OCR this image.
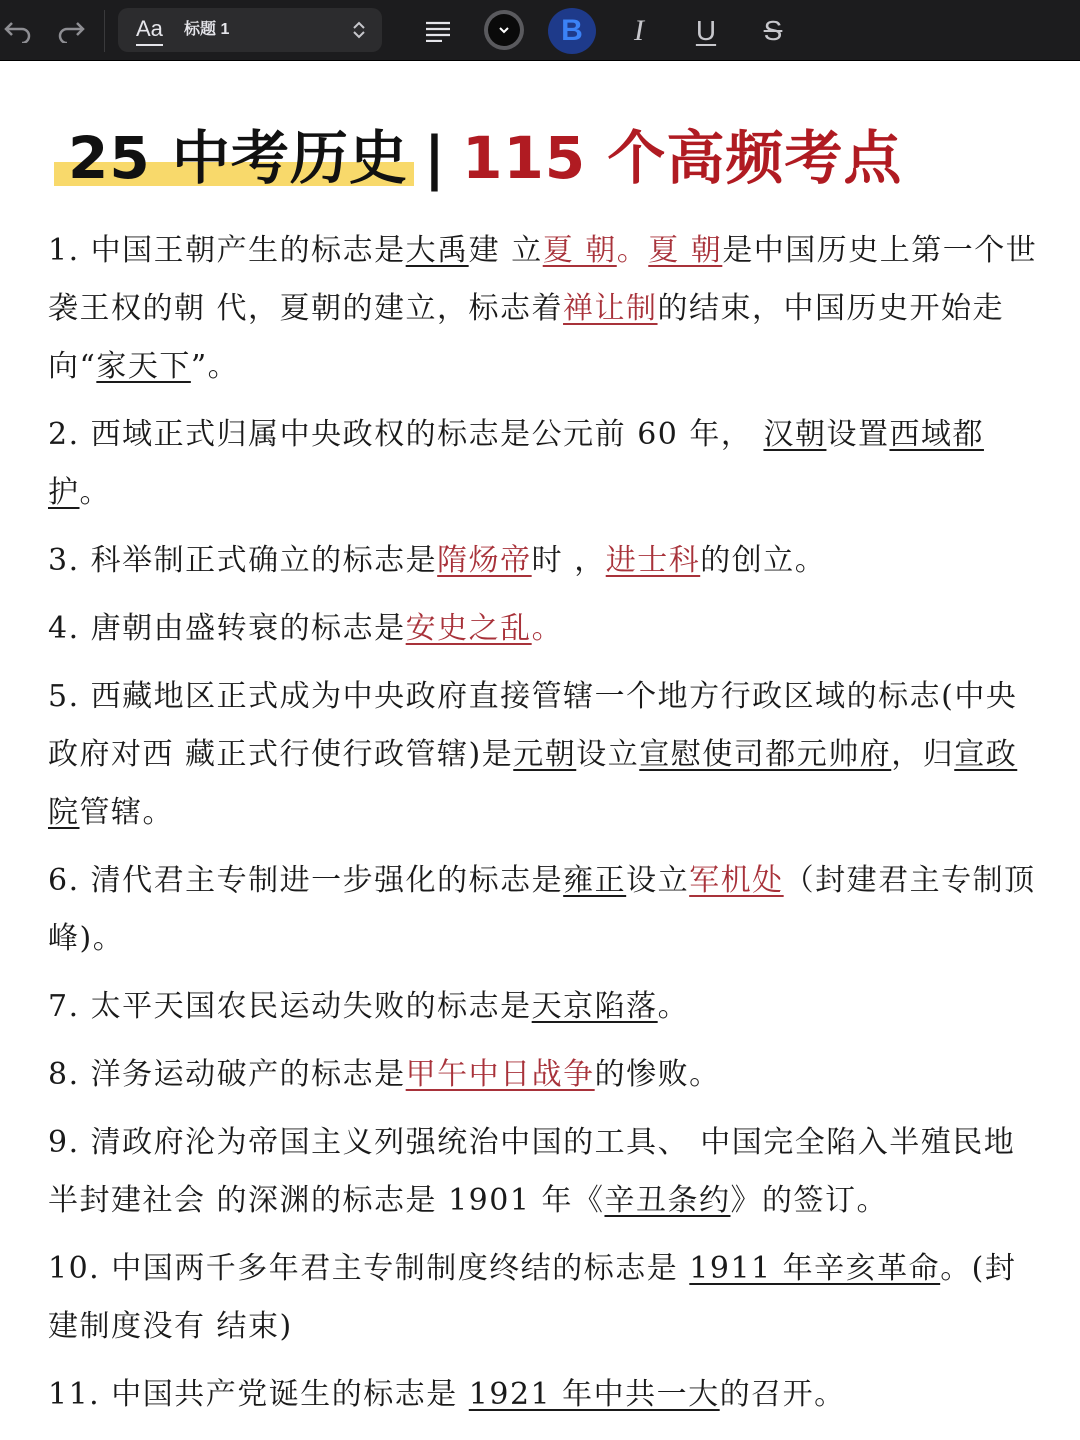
Aa 标题 1	B	I	U	S
25 中考历史 | 115 个高频考点

1. 中国王朝产生的标志是大禹建 立夏 朝。夏 朝是中国历史上第一个世袭王权的朝 代，夏朝的建立，标志着禅让制的结束，中国历史开始走向“家天下”。

2. 西域正式归属中央政权的标志是公元前 60 年， 汉朝设置西域都护。

3. 科举制正式确立的标志是隋炀帝时 ，进士科的创立。

4. 唐朝由盛转衰的标志是安史之乱。

5. 西藏地区正式成为中央政府直接管辖一个地方行政区域的标志(中央政府对西 藏正式行使行政管辖)是元朝设立宣慰使司都元帅府，归宣政院管辖。

6. 清代君主专制进一步强化的标志是雍正设立军机处（封建君主专制顶峰)。

7. 太平天国农民运动失败的标志是天京陷落。

8. 洋务运动破产的标志是甲午中日战争的惨败。

9. 清政府沦为帝国主义列强统治中国的工具、 中国完全陷入半殖民地半封建社会 的深渊的标志是 1901 年《辛丑条约》的签订。

10. 中国两千多年君主专制制度终结的标志是 1911 年辛亥革命。(封建制度没有 结束)

11. 中国共产党诞生的标志是 1921 年中共一大的召开。
